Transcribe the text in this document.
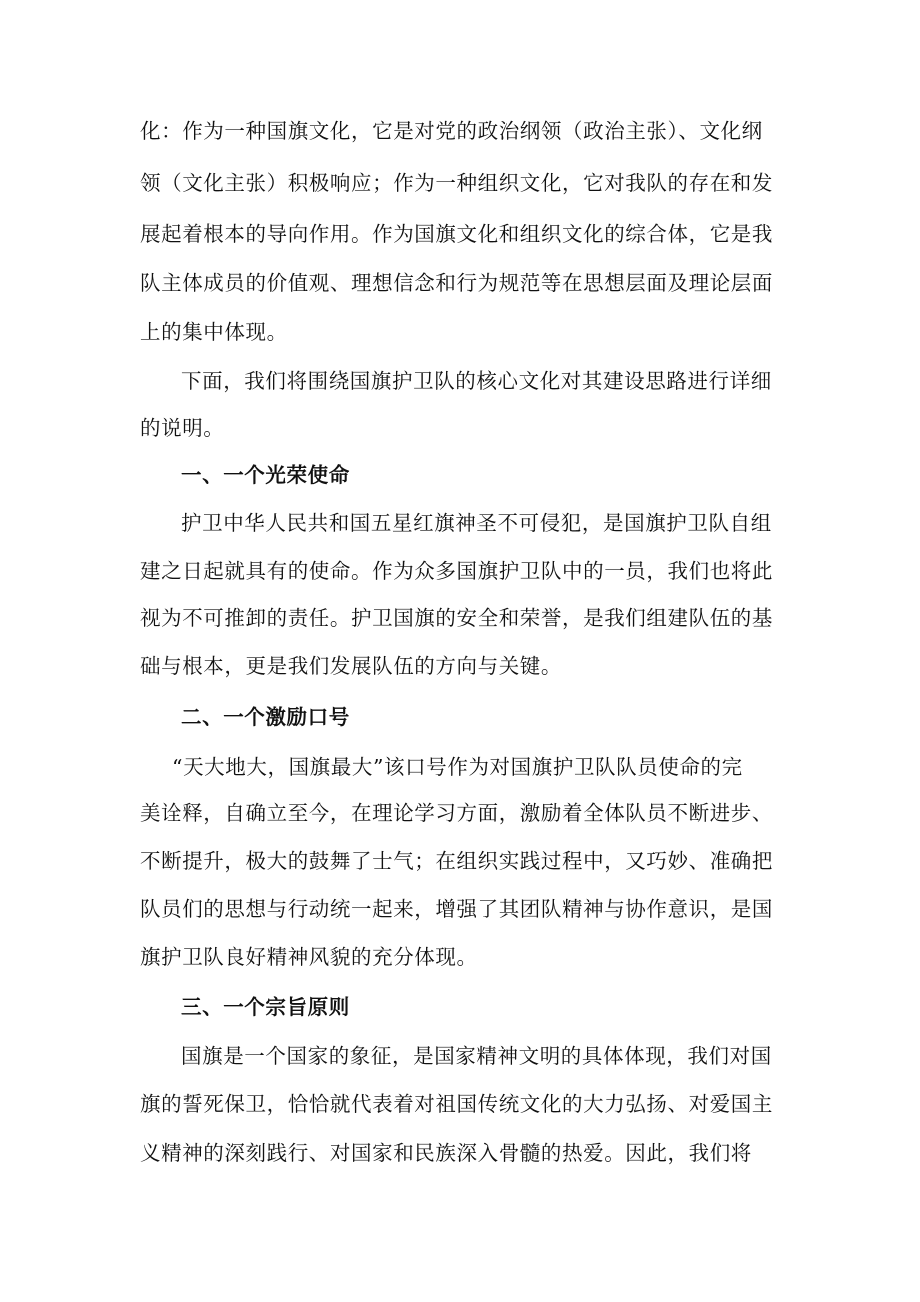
化：作为一种国旗文化，它是对党的政治纲领（政治主张）、文化纲
领（文化主张）积极响应；作为一种组织文化，它对我队的存在和发
展起着根本的导向作用。作为国旗文化和组织文化的综合体，它是我
队主体成员的价值观、理想信念和行为规范等在思想层面及理论层面
上的集中体现。
下面，我们将围绕国旗护卫队的核心文化对其建设思路进行详细
的说明。
一、一个光荣使命
护卫中华人民共和国五星红旗神圣不可侵犯，是国旗护卫队自组
建之日起就具有的使命。作为众多国旗护卫队中的一员，我们也将此
视为不可推卸的责任。护卫国旗的安全和荣誉，是我们组建队伍的基
础与根本，更是我们发展队伍的方向与关键。
二、一个激励口号
“天大地大，国旗最大”该口号作为对国旗护卫队队员使命的完
美诠释，自确立至今，在理论学习方面，激励着全体队员不断进步、
不断提升，极大的鼓舞了士气；在组织实践过程中，又巧妙、准确把
队员们的思想与行动统一起来，增强了其团队精神与协作意识，是国
旗护卫队良好精神风貌的充分体现。
三、一个宗旨原则
国旗是一个国家的象征，是国家精神文明的具体体现，我们对国
旗的誓死保卫，恰恰就代表着对祖国传统文化的大力弘扬、对爱国主
义精神的深刻践行、对国家和民族深入骨髓的热爱。因此，我们将
